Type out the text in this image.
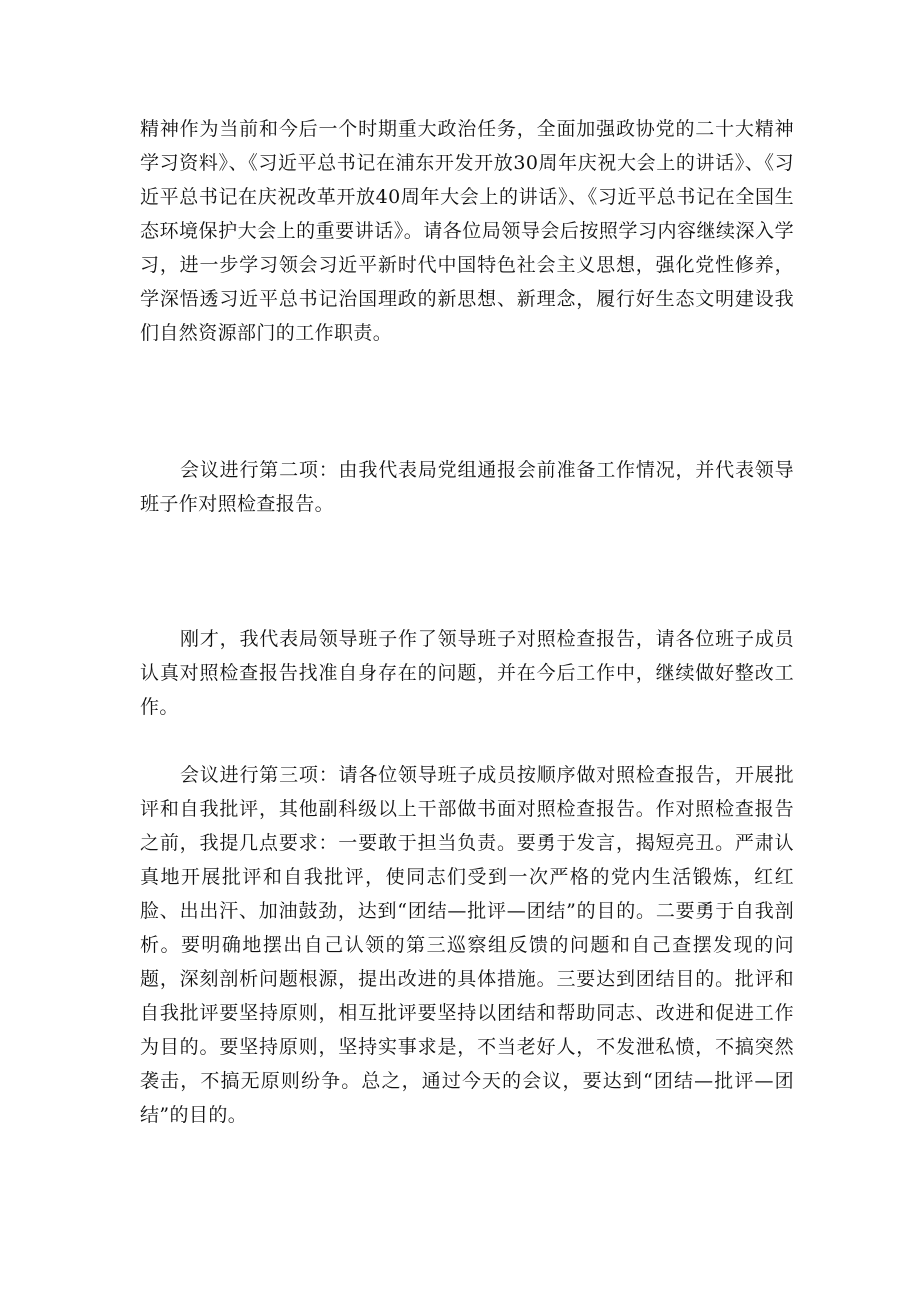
精神作为当前和今后一个时期重大政治任务，全面加强政协党的二十大精神学习资料》、《习近平总书记在浦东开发开放30周年庆祝大会上的讲话》、《习近平总书记在庆祝改革开放40周年大会上的讲话》、《习近平总书记在全国生态环境保护大会上的重要讲话》。请各位局领导会后按照学习内容继续深入学习，进一步学习领会习近平新时代中国特色社会主义思想，强化党性修养，学深悟透习近平总书记治国理政的新思想、新理念，履行好生态文明建设我们自然资源部门的工作职责。

会议进行第二项：由我代表局党组通报会前准备工作情况，并代表领导班子作对照检查报告。

刚才，我代表局领导班子作了领导班子对照检查报告，请各位班子成员认真对照检查报告找准自身存在的问题，并在今后工作中，继续做好整改工作。

会议进行第三项：请各位领导班子成员按顺序做对照检查报告，开展批评和自我批评，其他副科级以上干部做书面对照检查报告。作对照检查报告之前，我提几点要求：一要敢于担当负责。要勇于发言，揭短亮丑。严肃认真地开展批评和自我批评，使同志们受到一次严格的党内生活锻炼，红红脸、出出汗、加油鼓劲，达到“团结—批评—团结”的目的。二要勇于自我剖析。要明确地摆出自己认领的第三巡察组反馈的问题和自己查摆发现的问题，深刻剖析问题根源，提出改进的具体措施。三要达到团结目的。批评和自我批评要坚持原则，相互批评要坚持以团结和帮助同志、改进和促进工作为目的。要坚持原则，坚持实事求是，不当老好人，不发泄私愤，不搞突然袭击，不搞无原则纷争。总之，通过今天的会议，要达到“团结—批评—团结”的目的。
